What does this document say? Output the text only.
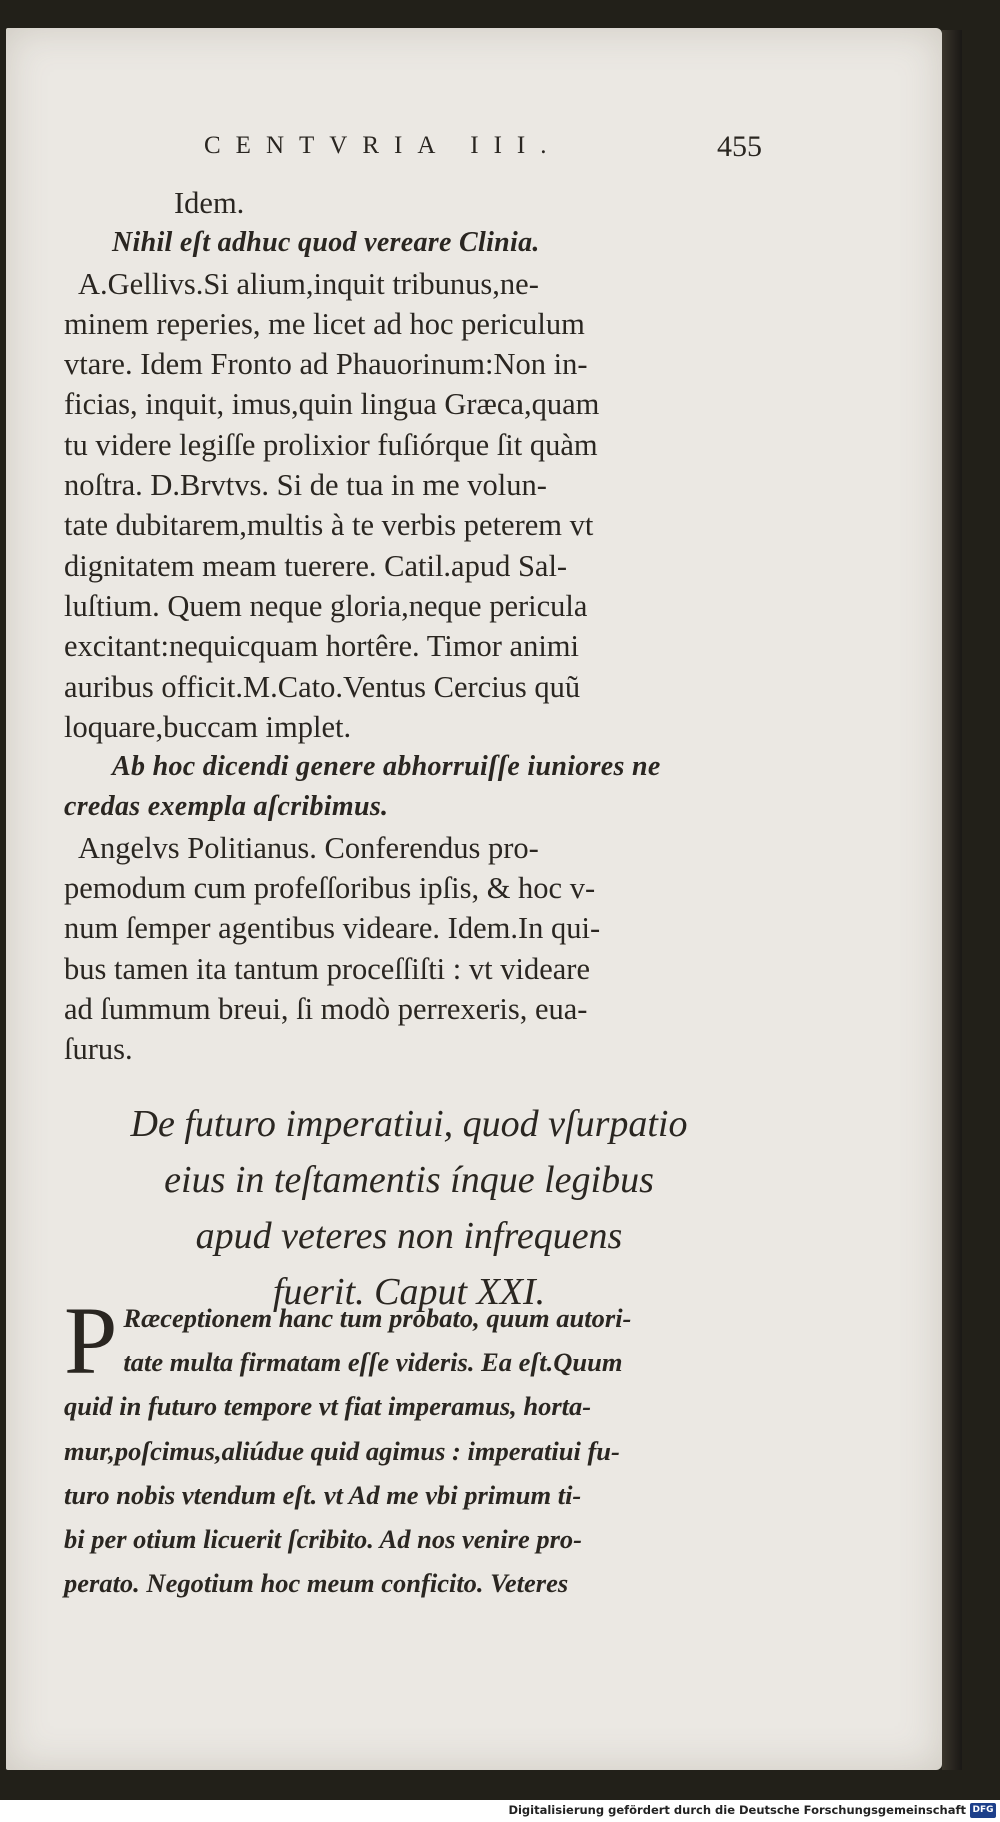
CENTVRIA III.	455
Idem.
Nihil eſt adhuc quod vereare Clinia.
A.Gellivs.Si alium,inquit tribunus,ne-
minem reperies, me licet ad hoc periculum
vtare. Idem Fronto ad Phauorinum:Non in-
ficias, inquit, imus,quin lingua Græca,quam
tu videre legiſſe prolixior fuſiórque ſit quàm
noſtra. D.Brvtvs. Si de tua in me volun-
tate dubitarem,multis à te verbis peterem vt
dignitatem meam tuerere. Catil.apud Sal-
luſtium. Quem neque gloria,neque pericula
excitant:nequicquam hortêre. Timor animi
auribus officit.M.Cato.Ventus Cercius quũ
loquare,buccam implet.
Ab hoc dicendi genere abhorruiſſe iuniores ne
credas exempla aſcribimus.
Angelvs Politianus. Conferendus pro-
pemodum cum profeſſoribus ipſis, & hoc v-
num ſemper agentibus videare. Idem.In qui-
bus tamen ita tantum proceſſiſti : vt videare
ad ſummum breui, ſi modò perrexeris, eua-
ſurus.
De futuro imperatiui, quod vſurpatio
eius in teſtamentis ínque legibus
apud veteres non infrequens
fuerit. Caput XXI.
P Ræceptionem hanc tum probato, quum autori-
tate multa firmatam eſſe videris. Ea eſt.Quum
quid in futuro tempore vt fiat imperamus, horta-
mur,poſcimus,aliúdue quid agimus : imperatiui fu-
turo nobis vtendum eſt. vt Ad me vbi primum ti-
bi per otium licuerit ſcribito. Ad nos venire pro-
perato. Negotium hoc meum conficito. Veteres
Digitalisierung gefördert durch die Deutsche Forschungsgemeinschaft DFG
